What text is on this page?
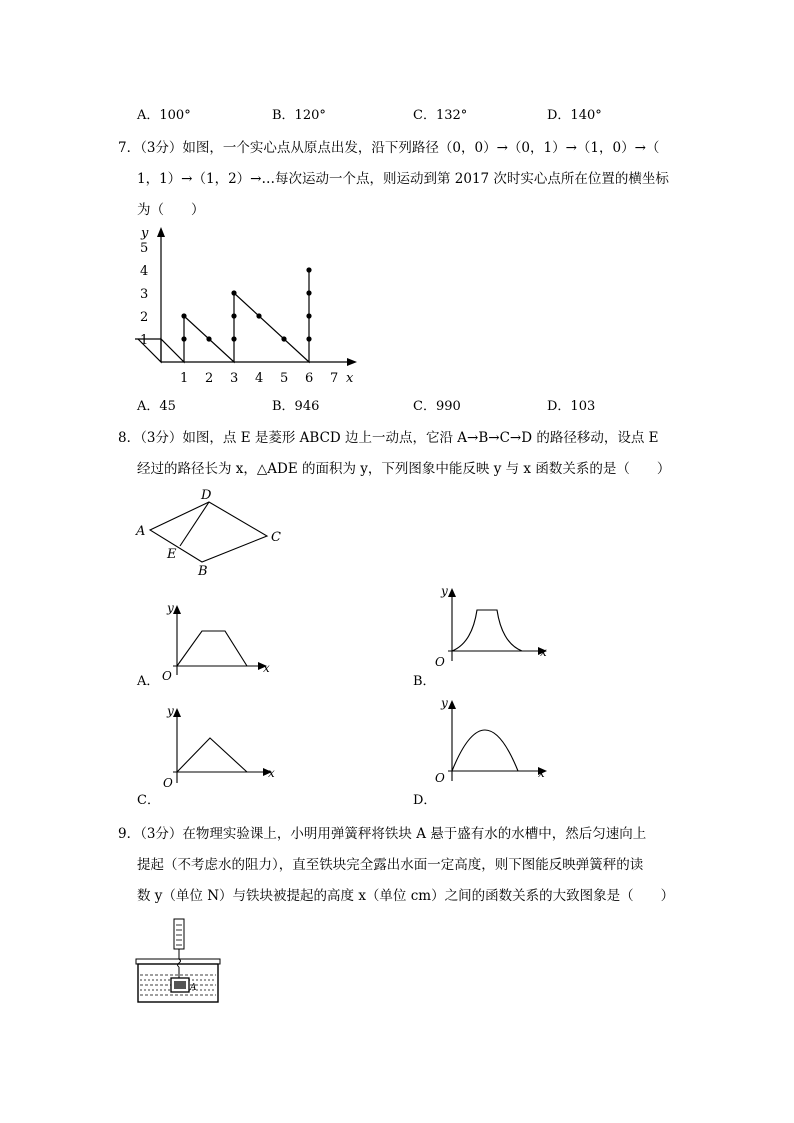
A．100°	B．120°	C．132°	D．140°
7．（3分）如图，一个实心点从原点出发，沿下列路径（0，0）→（0，1）→（1，0）→（
1，1）→（1，2）→…每次运动一个点，则运动到第 2017 次时实心点所在位置的横坐标
为（　　）
y
x
5
4
3
2
1
1 2 3 4 5 6 7
A．45	B．946	C．990	D．103
8．（3分）如图，点 E 是菱形 ABCD 边上一动点，它沿 A→B→C→D 的路径移动，设点 E
经过的路径长为 x，△ADE 的面积为 y，下列图象中能反映 y 与 x 函数关系的是（　　）
A
D
C
B
E
y
x
O
A．
y
x
O
B．
y
x
O
C．
y
x
O
D．
9．（3分）在物理实验课上，小明用弹簧秤将铁块 A 悬于盛有水的水槽中，然后匀速向上
提起（不考虑水的阻力），直至铁块完全露出水面一定高度，则下图能反映弹簧秤的读
数 y（单位 N）与铁块被提起的高度 x（单位 cm）之间的函数关系的大致图象是（　　）
A
